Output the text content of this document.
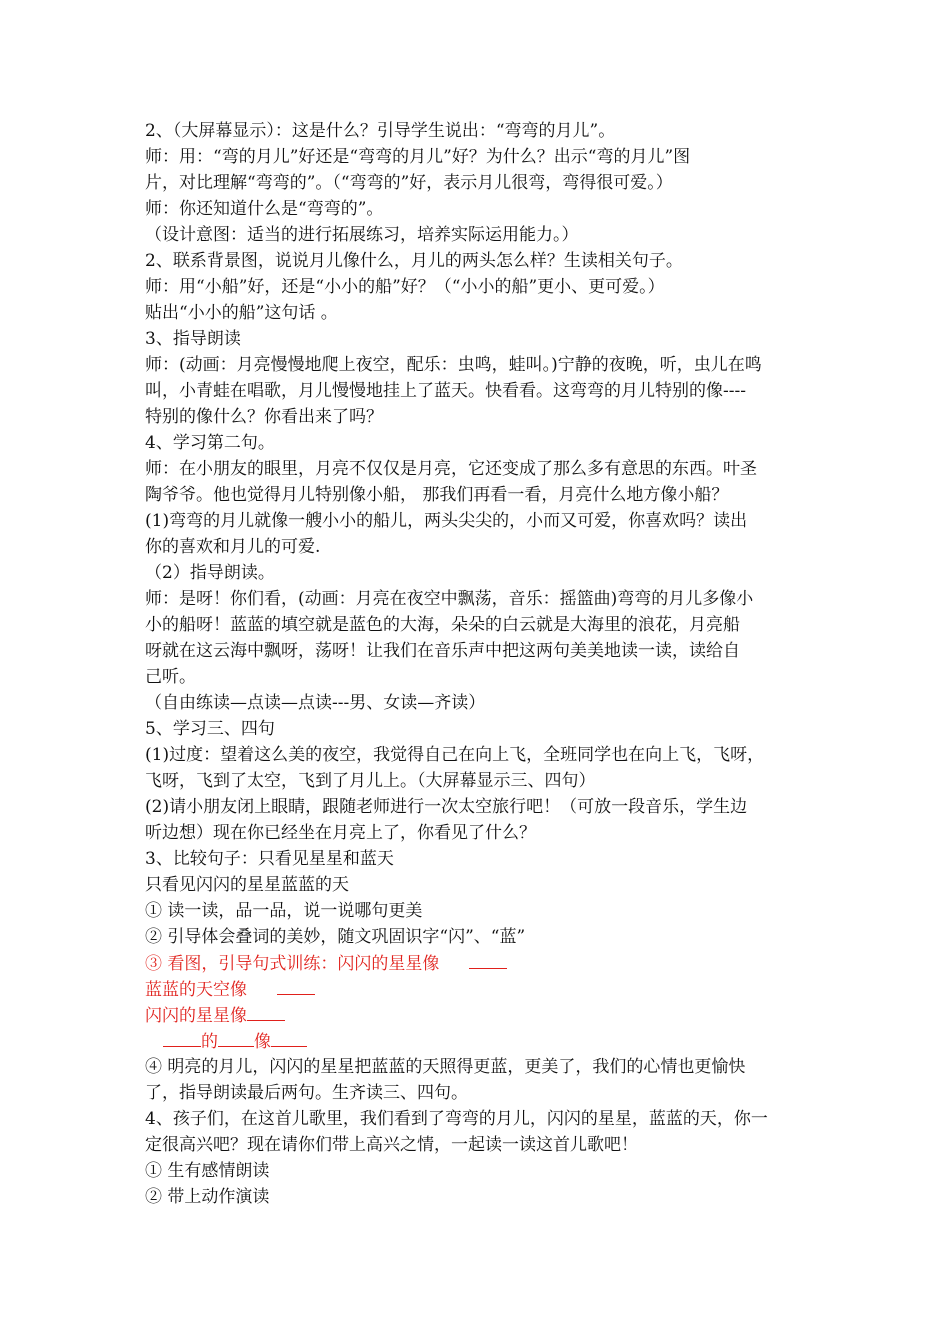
2、（大屏幕显示）：这是什么？引导学生说出：“弯弯的月儿”。
师：用：“弯的月儿”好还是“弯弯的月儿”好？为什么？出示“弯的月儿”图
片，对比理解“弯弯的”。（“弯弯的”好，表示月儿很弯，弯得很可爱。）
师：你还知道什么是“弯弯的”。
（设计意图：适当的进行拓展练习，培养实际运用能力。）
2、联系背景图，说说月儿像什么，月儿的两头怎么样？生读相关句子。
师：用“小船”好，还是“小小的船”好？（“小小的船”更小、更可爱。）
贴出“小小的船”这句话 。
3、指导朗读
师：(动画：月亮慢慢地爬上夜空，配乐：虫鸣，蛙叫。)宁静的夜晚，听，虫儿在鸣
叫，小青蛙在唱歌，月儿慢慢地挂上了蓝天。快看看。这弯弯的月儿特别的像----
特别的像什么？你看出来了吗？
4、学习第二句。
师：在小朋友的眼里，月亮不仅仅是月亮，它还变成了那么多有意思的东西。叶圣
陶爷爷。他也觉得月儿特别像小船， 那我们再看一看，月亮什么地方像小船？
(1)弯弯的月儿就像一艘小小的船儿，两头尖尖的，小而又可爱，你喜欢吗？读出
你的喜欢和月儿的可爱.
（2）指导朗读。
师：是呀！你们看，(动画：月亮在夜空中飘荡，音乐：摇篮曲)弯弯的月儿多像小
小的船呀！蓝蓝的填空就是蓝色的大海，朵朵的白云就是大海里的浪花，月亮船
呀就在这云海中飘呀，荡呀！让我们在音乐声中把这两句美美地读一读，读给自
己听。
（自由练读—点读—点读---男、女读—齐读）
5、学习三、四句
(1)过度：望着这么美的夜空，我觉得自己在向上飞，全班同学也在向上飞，飞呀，
飞呀，飞到了太空，飞到了月儿上。（大屏幕显示三、四句）
(2)请小朋友闭上眼睛，跟随老师进行一次太空旅行吧！（可放一段音乐，学生边
听边想）现在你已经坐在月亮上了，你看见了什么？
3、比较句子：只看见星星和蓝天
只看见闪闪的星星蓝蓝的天
① 读一读，品一品，说一说哪句更美
② 引导体会叠词的美妙，随文巩固识字“闪”、“蓝”
③ 看图，引导句式训练：闪闪的星星像
蓝蓝的天空像
闪闪的星星像
的 像
④ 明亮的月儿，闪闪的星星把蓝蓝的天照得更蓝，更美了，我们的心情也更愉快
了，指导朗读最后两句。生齐读三、四句。
4、孩子们，在这首儿歌里，我们看到了弯弯的月儿，闪闪的星星，蓝蓝的天，你一
定很高兴吧？现在请你们带上高兴之情，一起读一读这首儿歌吧！
① 生有感情朗读
② 带上动作演读
